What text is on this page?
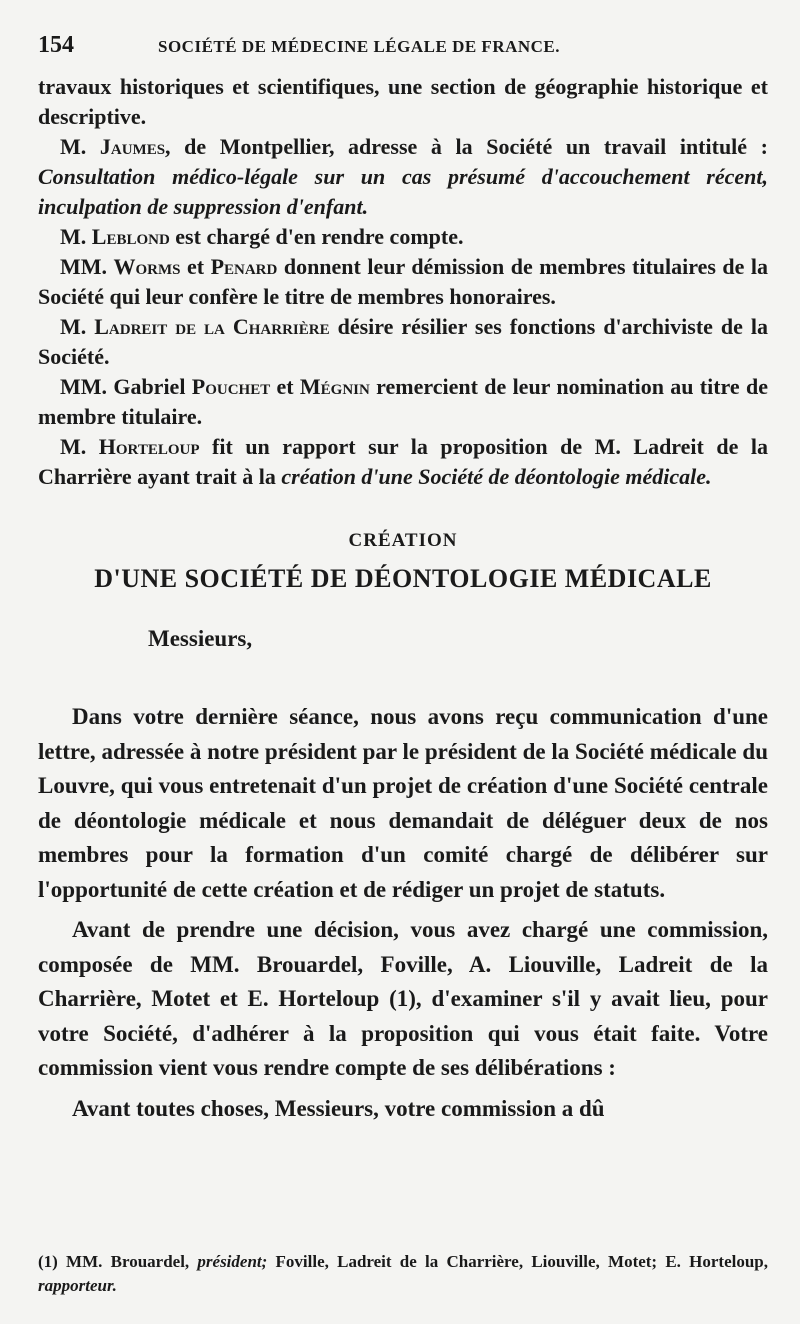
154	SOCIÉTÉ DE MÉDECINE LÉGALE DE FRANCE.

travaux historiques et scientifiques, une section de géographie historique et descriptive.

M. Jaumes, de Montpellier, adresse à la Société un travail intitulé : Consultation médico-légale sur un cas présumé d'accouchement récent, inculpation de suppression d'enfant.

M. Leblond est chargé d'en rendre compte.

MM. Worms et Penard donnent leur démission de membres titulaires de la Société qui leur confère le titre de membres honoraires.

M. Ladreit de la Charrière désire résilier ses fonctions d'archiviste de la Société.

MM. Gabriel Pouchet et Mégnin remercient de leur nomination au titre de membre titulaire.

M. Horteloup fit un rapport sur la proposition de M. Ladreit de la Charrière ayant trait à la création d'une Société de déontologie médicale.

CRÉATION
D'UNE SOCIÉTÉ DE DÉONTOLOGIE MÉDICALE
Messieurs,

Dans votre dernière séance, nous avons reçu communication d'une lettre, adressée à notre président par le président de la Société médicale du Louvre, qui vous entretenait d'un projet de création d'une Société centrale de déontologie médicale et nous demandait de déléguer deux de nos membres pour la formation d'un comité chargé de délibérer sur l'opportunité de cette création et de rédiger un projet de statuts.

Avant de prendre une décision, vous avez chargé une commission, composée de MM. Brouardel, Foville, A. Liouville, Ladreit de la Charrière, Motet et E. Horteloup (1), d'examiner s'il y avait lieu, pour votre Société, d'adhérer à la proposition qui vous était faite. Votre commission vient vous rendre compte de ses délibérations :

Avant toutes choses, Messieurs, votre commission a dû

(1) MM. Brouardel, président; Foville, Ladreit de la Charrière, Liouville, Motet; E. Horteloup, rapporteur.
